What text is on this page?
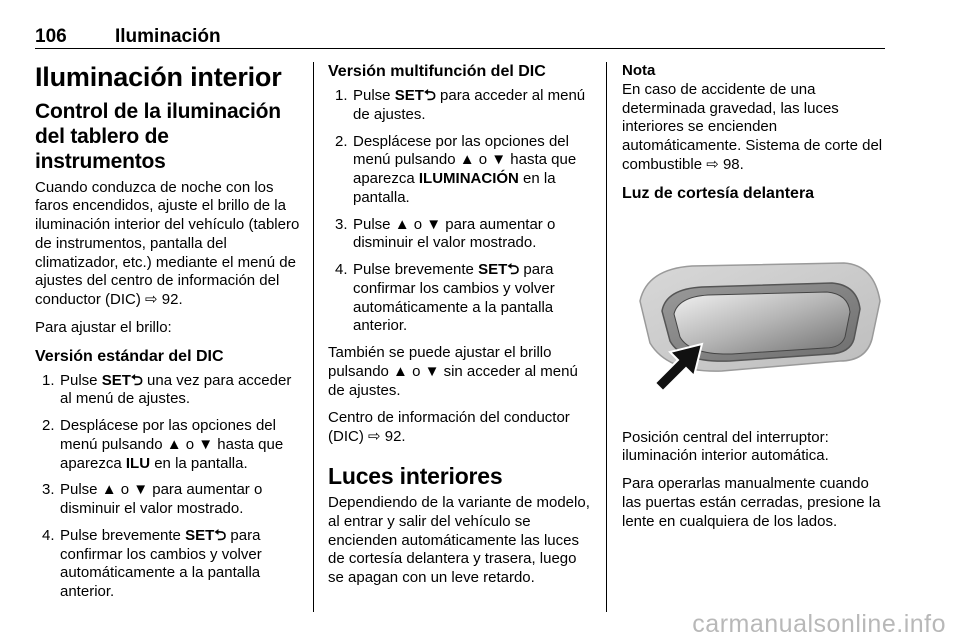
106	Iluminación
Iluminación interior
Control de la iluminación del tablero de instrumentos

Cuando conduzca de noche con los faros encendidos, ajuste el brillo de la iluminación interior del vehículo (tablero de instrumentos, pantalla del climatizador, etc.) mediante el menú de ajustes del centro de información del conductor (DIC) ⇨ 92.

Para ajustar el brillo:

Versión estándar del DIC
1. Pulse SET⮌ una vez para acceder al menú de ajustes.
2. Desplácese por las opciones del menú pulsando ▲ o ▼ hasta que aparezca ILU en la pantalla.
3. Pulse ▲ o ▼ para aumentar o disminuir el valor mostrado.
4. Pulse brevemente SET⮌ para confirmar los cambios y volver automáticamente a la pantalla anterior.
Versión multifunción del DIC
1. Pulse SET⮌ para acceder al menú de ajustes.
2. Desplácese por las opciones del menú pulsando ▲ o ▼ hasta que aparezca ILUMINACIÓN en la pantalla.
3. Pulse ▲ o ▼ para aumentar o disminuir el valor mostrado.
4. Pulse brevemente SET⮌ para confirmar los cambios y volver automáticamente a la pantalla anterior.

También se puede ajustar el brillo pulsando ▲ o ▼ sin acceder al menú de ajustes.

Centro de información del conductor (DIC) ⇨ 92.

Luces interiores

Dependiendo de la variante de modelo, al entrar y salir del vehículo se encienden automáticamente las luces de cortesía delantera y trasera, luego se apagan con un leve retardo.

Nota

En caso de accidente de una determinada gravedad, las luces interiores se encienden automáticamente. Sistema de corte del combustible ⇨ 98.

Luz de cortesía delantera

Posición central del interruptor: iluminación interior automática.

Para operarlas manualmente cuando las puertas están cerradas, presione la lente en cualquiera de los lados.

carmanualsonline.info
